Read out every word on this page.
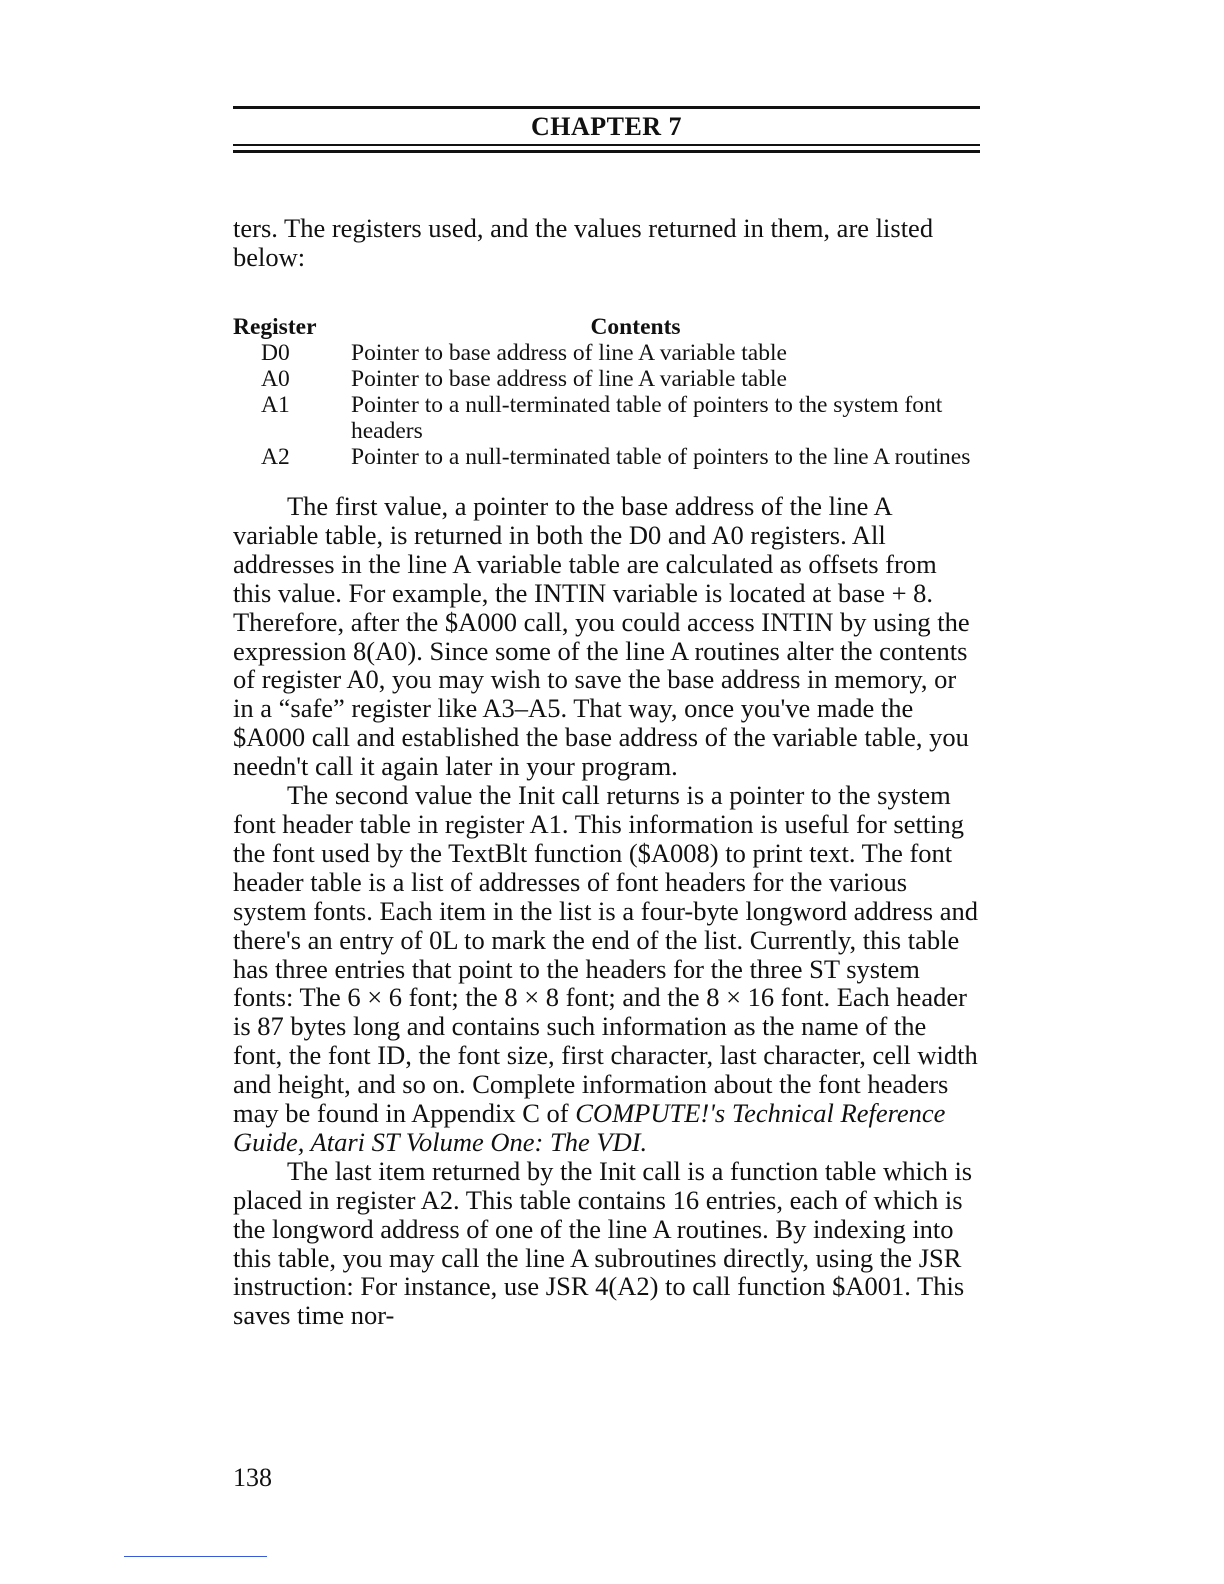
CHAPTER 7

ters. The registers used, and the values returned in them, are listed below:

Register	Contents
D0	Pointer to base address of line A variable table
A0	Pointer to base address of line A variable table
A1	Pointer to a null-terminated table of pointers to the system font headers
A2	Pointer to a null-terminated table of pointers to the line A routines

The first value, a pointer to the base address of the line A variable table, is returned in both the D0 and A0 registers. All addresses in the line A variable table are calculated as offsets from this value. For example, the INTIN variable is located at base + 8. Therefore, after the $A000 call, you could access INTIN by using the expression 8(A0). Since some of the line A routines alter the contents of register A0, you may wish to save the base address in memory, or in a “safe” register like A3–A5. That way, once you've made the $A000 call and established the base address of the variable table, you needn't call it again later in your program.

The second value the Init call returns is a pointer to the system font header table in register A1. This information is useful for setting the font used by the TextBlt function ($A008) to print text. The font header table is a list of addresses of font headers for the various system fonts. Each item in the list is a four-byte longword address and there's an entry of 0L to mark the end of the list. Currently, this table has three entries that point to the headers for the three ST system fonts: The 6 × 6 font; the 8 × 8 font; and the 8 × 16 font. Each header is 87 bytes long and contains such information as the name of the font, the font ID, the font size, first character, last character, cell width and height, and so on. Complete information about the font headers may be found in Appendix C of COMPUTE!'s Technical Reference Guide, Atari ST Volume One: The VDI.

The last item returned by the Init call is a function table which is placed in register A2. This table contains 16 entries, each of which is the longword address of one of the line A routines. By indexing into this table, you may call the line A subroutines directly, using the JSR instruction: For instance, use JSR 4(A2) to call function $A001. This saves time nor-

138
